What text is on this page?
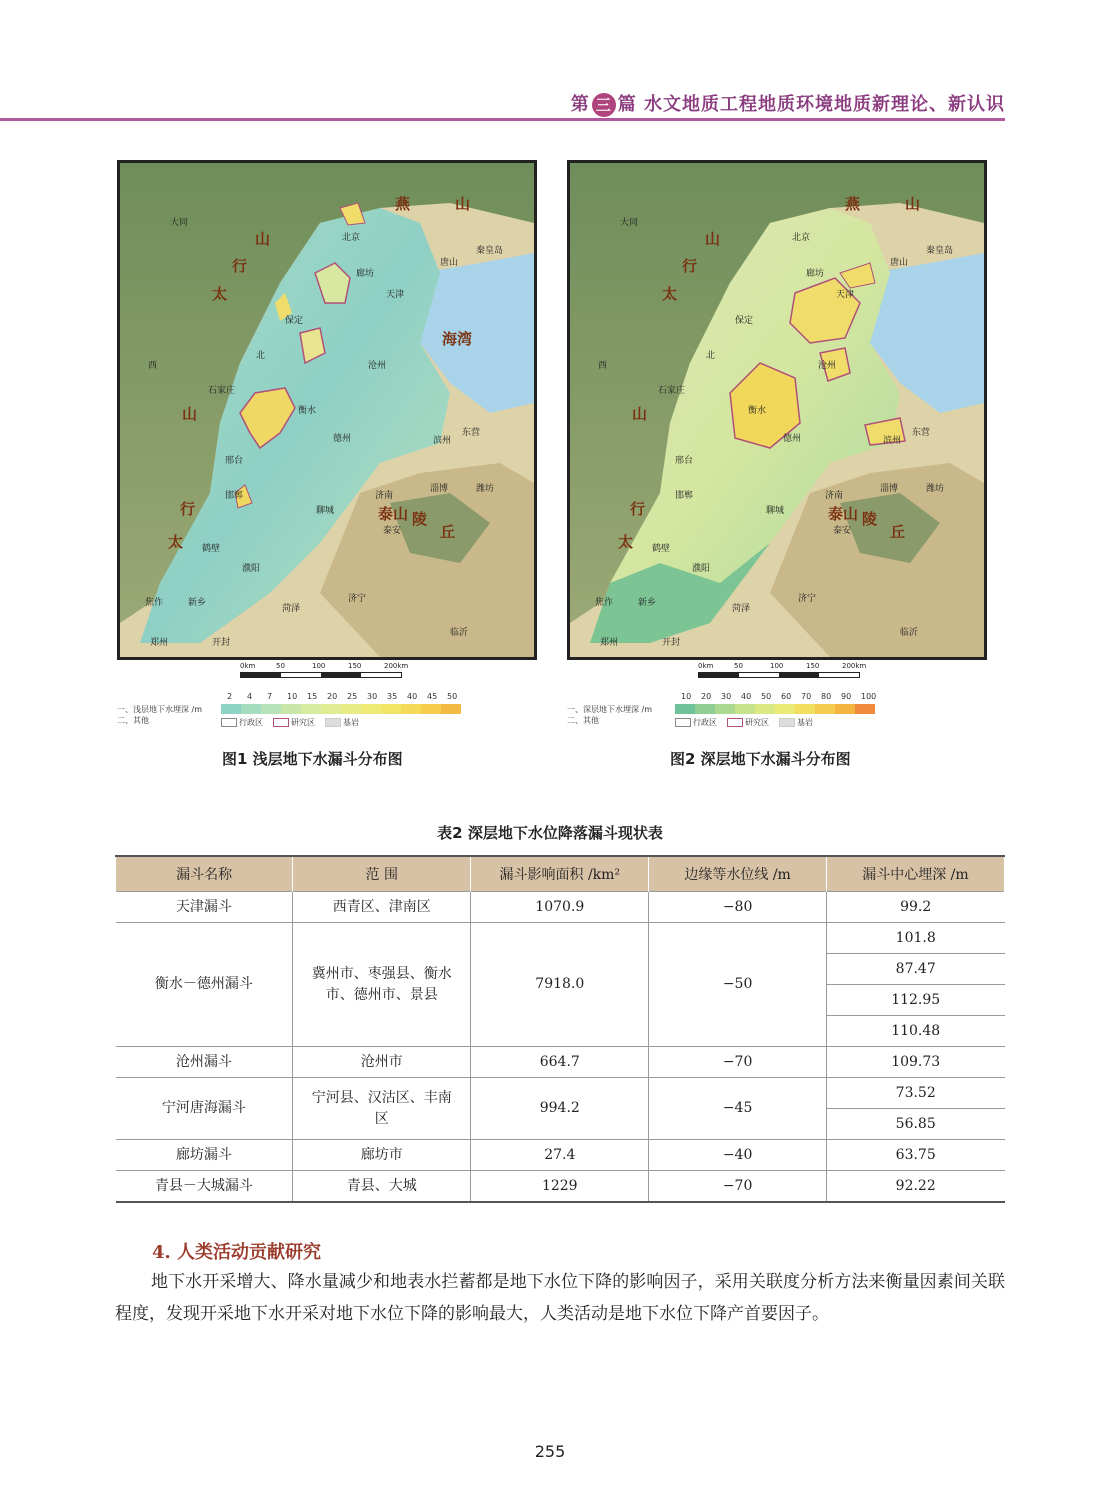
第 三 篇 水文地质工程地质环境地质新理论、新认识
大同
北京
秦皇岛
唐山
廊坊
天津
保定
北
沧州
西
石家庄
衡水
德州	滨州
东营
邢台
淄博	潍坊
济南
邯郸
聊城
泰安
鹤壁
濮阳
焦作	新乡
菏泽
济宁
临沂
郑州	开封
燕	山
太
行
山
山
太
行	泰山
丘
陵
海湾
0km	50	100	150	200km
一、浅层地下水埋深 /m
二、其他
2 4 7 10 15 20 25 30 35 40 45 50
行政区	研究区	基岩
图1 浅层地下水漏斗分布图
大同
北京
秦皇岛
唐山
廊坊
天津
保定
北
沧州
西
石家庄
衡水
德州	滨州
东营
邢台
淄博	潍坊
济南
邯郸
聊城
泰安
鹤壁
濮阳
焦作	新乡
菏泽
济宁
临沂
郑州	开封
燕	山
太
行
山
山
太
行	泰山
丘
陵
0km	50	100	150	200km
一、深层地下水埋深 /m
二、其他
10 20 30 40 50 60 70 80 90 100
行政区	研究区	基岩
图2 深层地下水漏斗分布图
表2 深层地下水位降落漏斗现状表
漏斗名称	范 围	漏斗影响面积 /km²	边缘等水位线 /m	漏斗中心埋深 /m
天津漏斗	西青区、津南区	1070.9	−80	99.2
衡水－德州漏斗	冀州市、枣强县、衡水市、德州市、景县	7918.0	−50	101.8
				87.47
				112.95
				110.48
沧州漏斗	沧州市	664.7	−70	109.73
宁河唐海漏斗	宁河县、汉沽区、丰南区	994.2	−45	73.52
				56.85
廊坊漏斗	廊坊市	27.4	−40	63.75
青县－大城漏斗	青县、大城	1229	−70	92.22
4. 人类活动贡献研究
地下水开采增大、降水量减少和地表水拦蓄都是地下水位下降的影响因子，采用关联度分析方法来衡量因素间关联程度，发现开采地下水开采对地下水位下降的影响最大，人类活动是地下水位下降产首要因子。
255
